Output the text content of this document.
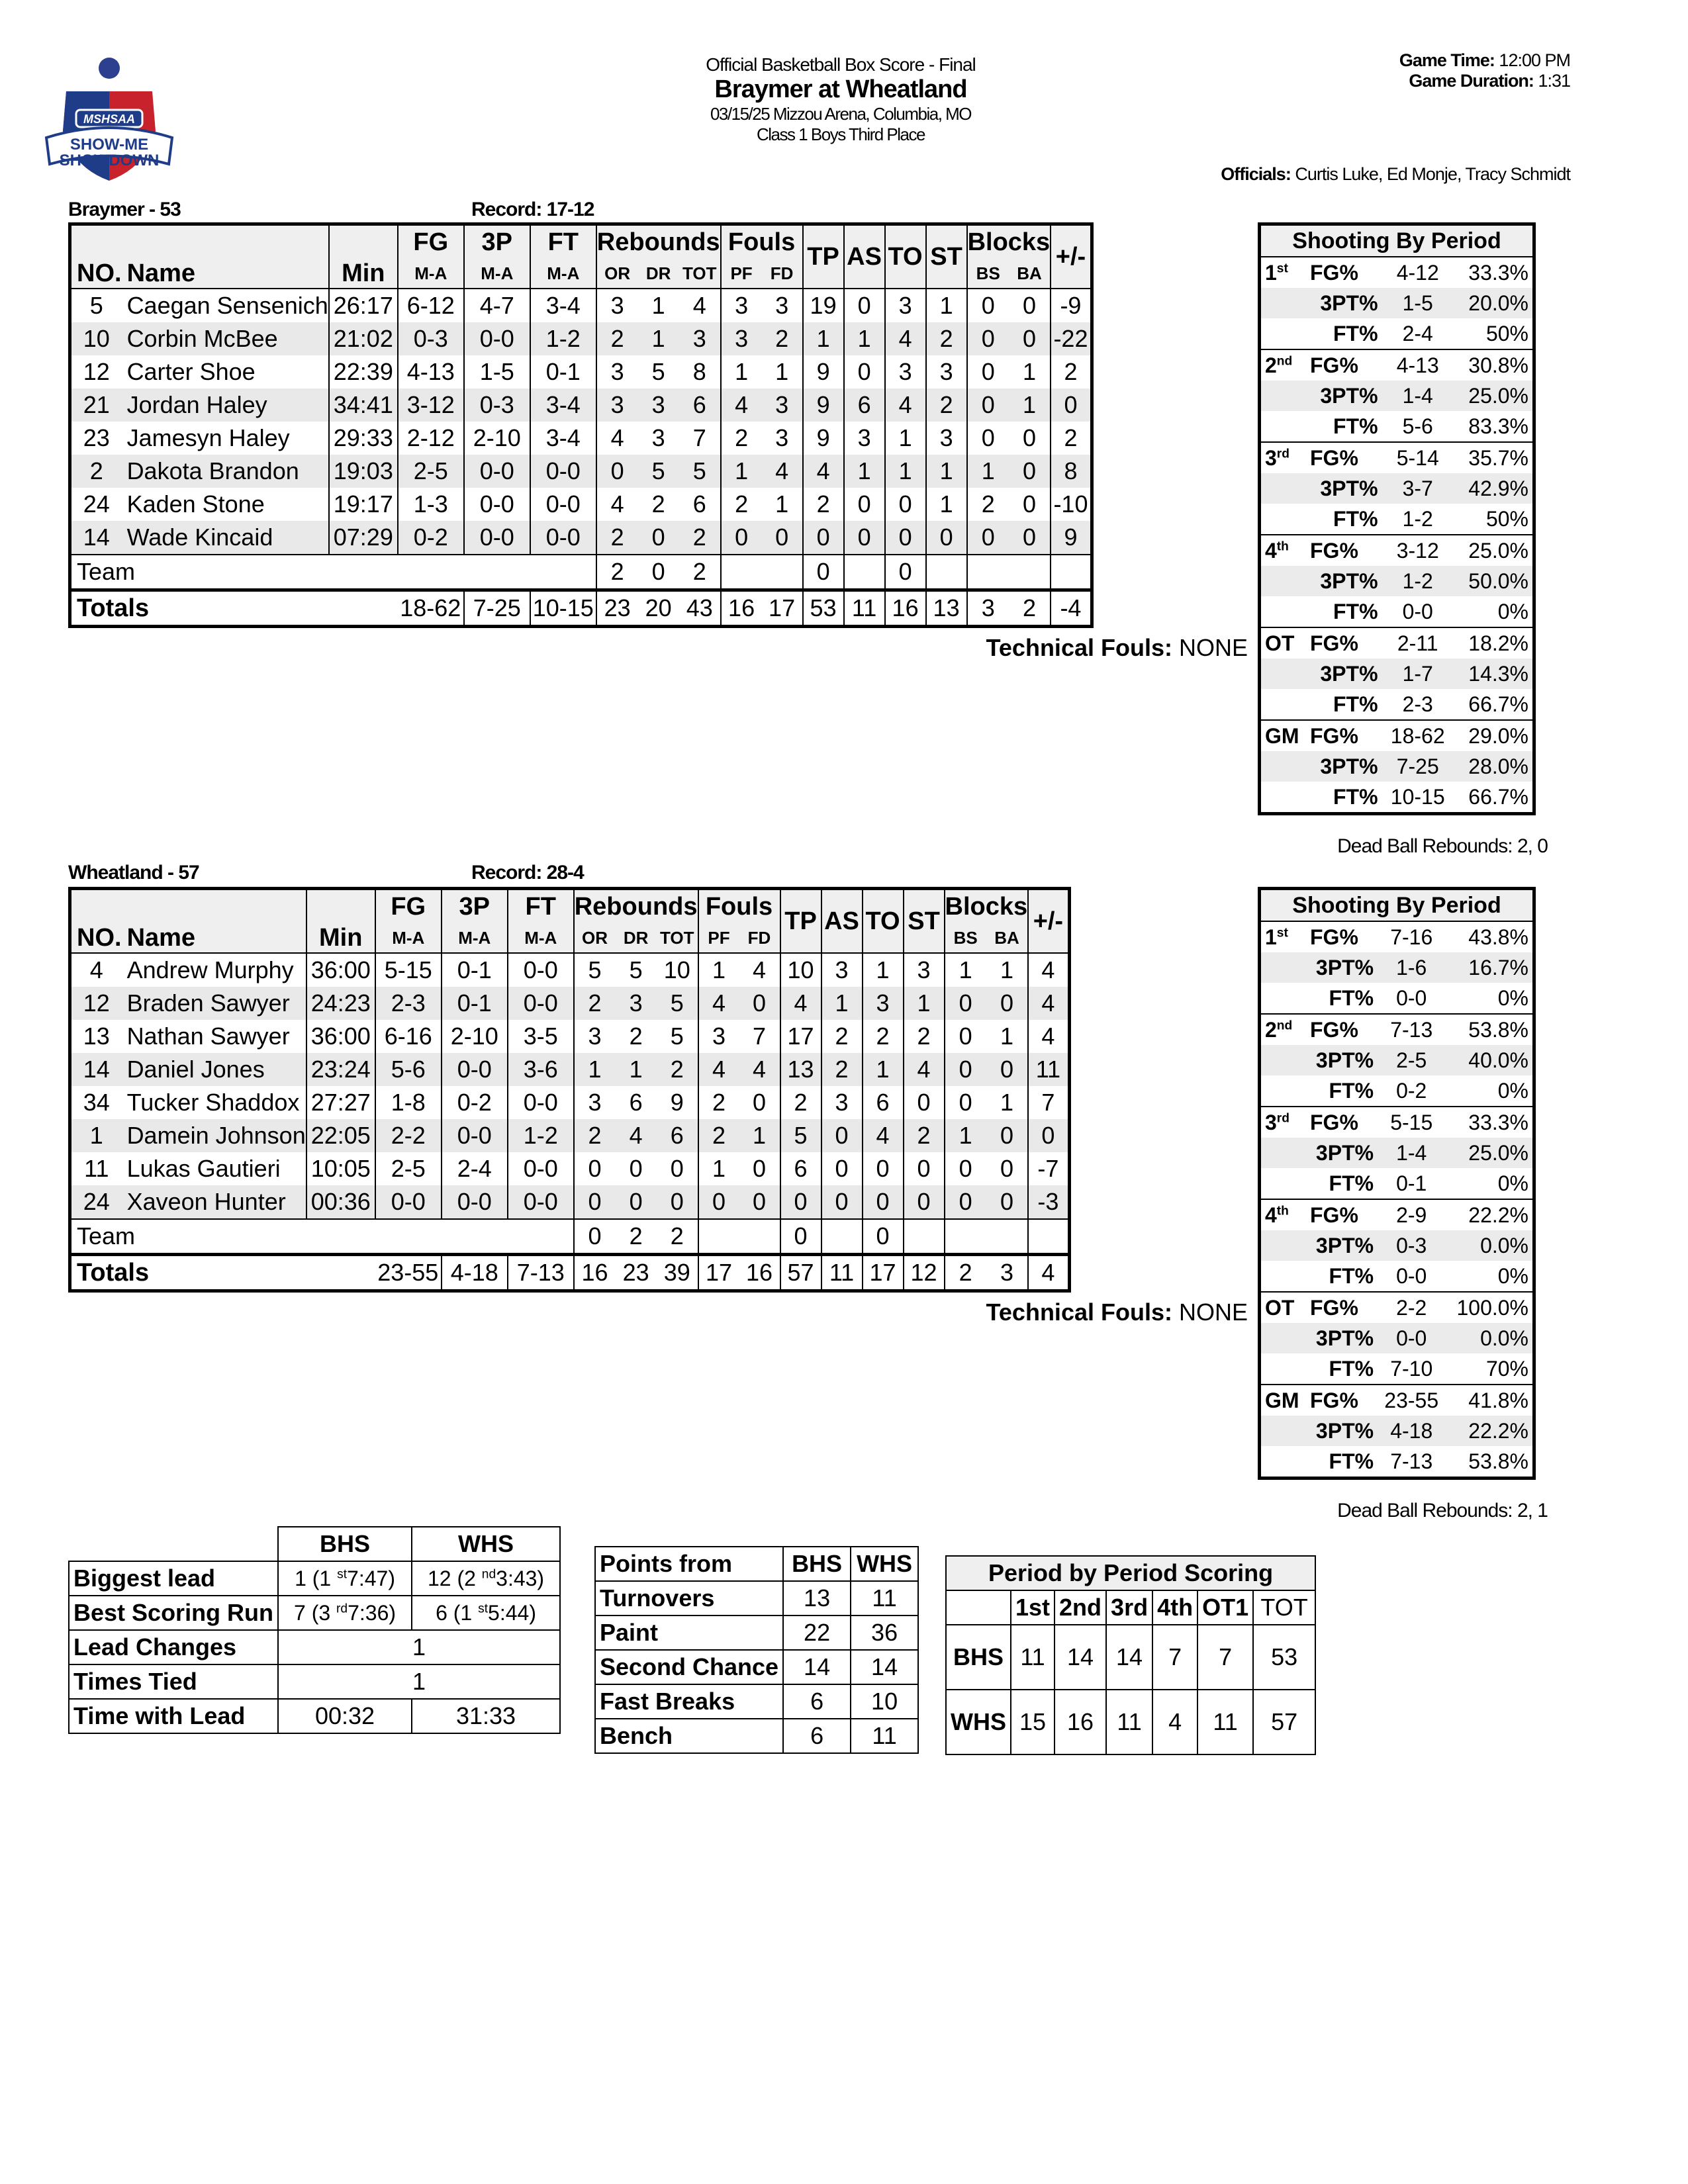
MSHSAA
SHOW-ME
SHOWDOWN
Official Basketball Box Score - Final
Braymer at Wheatland
03/15/25 Mizzou Arena, Columbia, MO
Class 1 Boys Third Place
Game Time: 12:00 PM
Game Duration: 1:31
Officials: Curtis Luke, Ed Monje, Tracy Schmidt
Braymer - 53	Record: 17-12
			FG	3P	FT	Rebounds			Fouls		TP	AS	TO	ST	Blocks		+/-
NO.	Name	Min	M-A	M-A	M-A	OR	DR	TOT	PF	FD					BS	BA	
5	Caegan Sensenich	26:17	6-12	4-7	3-4	3	1	4	3	3	19	0	3	1	0	0	-9
10	Corbin McBee	21:02	0-3	0-0	1-2	2	1	3	3	2	1	1	4	2	0	0	-22
12	Carter Shoe	22:39	4-13	1-5	0-1	3	5	8	1	1	9	0	3	3	0	1	2
21	Jordan Haley	34:41	3-12	0-3	3-4	3	3	6	4	3	9	6	4	2	0	1	0
23	Jamesyn Haley	29:33	2-12	2-10	3-4	4	3	7	2	3	9	3	1	3	0	0	2
2	Dakota Brandon	19:03	2-5	0-0	0-0	0	5	5	1	4	4	1	1	1	1	0	8
24	Kaden Stone	19:17	1-3	0-0	0-0	4	2	6	2	1	2	0	0	1	2	0	-10
14	Wade Kincaid	07:29	0-2	0-0	0-0	2	0	2	0	0	0	0	0	0	0	0	9
Team						2	0	2			0		0				
Totals			18-62	7-25	10-15	23	20	43	16	17	53	11	16	13	3	2	-4
Technical Fouls: NONE
Shooting By Period			
1st	FG%	4-12	33.3%
	3PT%	1-5	20.0%
	FT%	2-4	50%
2nd	FG%	4-13	30.8%
	3PT%	1-4	25.0%
	FT%	5-6	83.3%
3rd	FG%	5-14	35.7%
	3PT%	3-7	42.9%
	FT%	1-2	50%
4th	FG%	3-12	25.0%
	3PT%	1-2	50.0%
	FT%	0-0	0%
OT	FG%	2-11	18.2%
	3PT%	1-7	14.3%
	FT%	2-3	66.7%
GM	FG%	18-62	29.0%
	3PT%	7-25	28.0%
	FT%	10-15	66.7%
Dead Ball Rebounds: 2, 0
Wheatland - 57	Record: 28-4
			FG	3P	FT	Rebounds			Fouls		TP	AS	TO	ST	Blocks		+/-
NO.	Name	Min	M-A	M-A	M-A	OR	DR	TOT	PF	FD					BS	BA	
4	Andrew Murphy	36:00	5-15	0-1	0-0	5	5	10	1	4	10	3	1	3	1	1	4
12	Braden Sawyer	24:23	2-3	0-1	0-0	2	3	5	4	0	4	1	3	1	0	0	4
13	Nathan Sawyer	36:00	6-16	2-10	3-5	3	2	5	3	7	17	2	2	2	0	1	4
14	Daniel Jones	23:24	5-6	0-0	3-6	1	1	2	4	4	13	2	1	4	0	0	11
34	Tucker Shaddox	27:27	1-8	0-2	0-0	3	6	9	2	0	2	3	6	0	0	1	7
1	Damein Johnson	22:05	2-2	0-0	1-2	2	4	6	2	1	5	0	4	2	1	0	0
11	Lukas Gautieri	10:05	2-5	2-4	0-0	0	0	0	1	0	6	0	0	0	0	0	-7
24	Xaveon Hunter	00:36	0-0	0-0	0-0	0	0	0	0	0	0	0	0	0	0	0	-3
Team						0	2	2			0		0				
Totals			23-55	4-18	7-13	16	23	39	17	16	57	11	17	12	2	3	4
Technical Fouls: NONE
Shooting By Period			
1st	FG%	7-16	43.8%
	3PT%	1-6	16.7%
	FT%	0-0	0%
2nd	FG%	7-13	53.8%
	3PT%	2-5	40.0%
	FT%	0-2	0%
3rd	FG%	5-15	33.3%
	3PT%	1-4	25.0%
	FT%	0-1	0%
4th	FG%	2-9	22.2%
	3PT%	0-3	0.0%
	FT%	0-0	0%
OT	FG%	2-2	100.0%
	3PT%	0-0	0.0%
	FT%	7-10	70%
GM	FG%	23-55	41.8%
	3PT%	4-18	22.2%
	FT%	7-13	53.8%
Dead Ball Rebounds: 2, 1
	BHS	WHS
Biggest lead	1 (1 $^{st}$7:47)	12 (2 $^{nd}$3:43)
Best Scoring Run	7 (3 $^{rd}$7:36)	6 (1 $^{st}$5:44)
Lead Changes	1	
Times Tied	1	
Time with Lead	00:32	31:33
Points from	BHS	WHS
Turnovers	13	11
Paint	22	36
Second Chance	14	14
Fast Breaks	6	10
Bench	6	11
Period by Period Scoring						
	1st	2nd	3rd	4th	OT1	TOT
BHS	11	14	14	7	7	53
WHS	15	16	11	4	11	57
